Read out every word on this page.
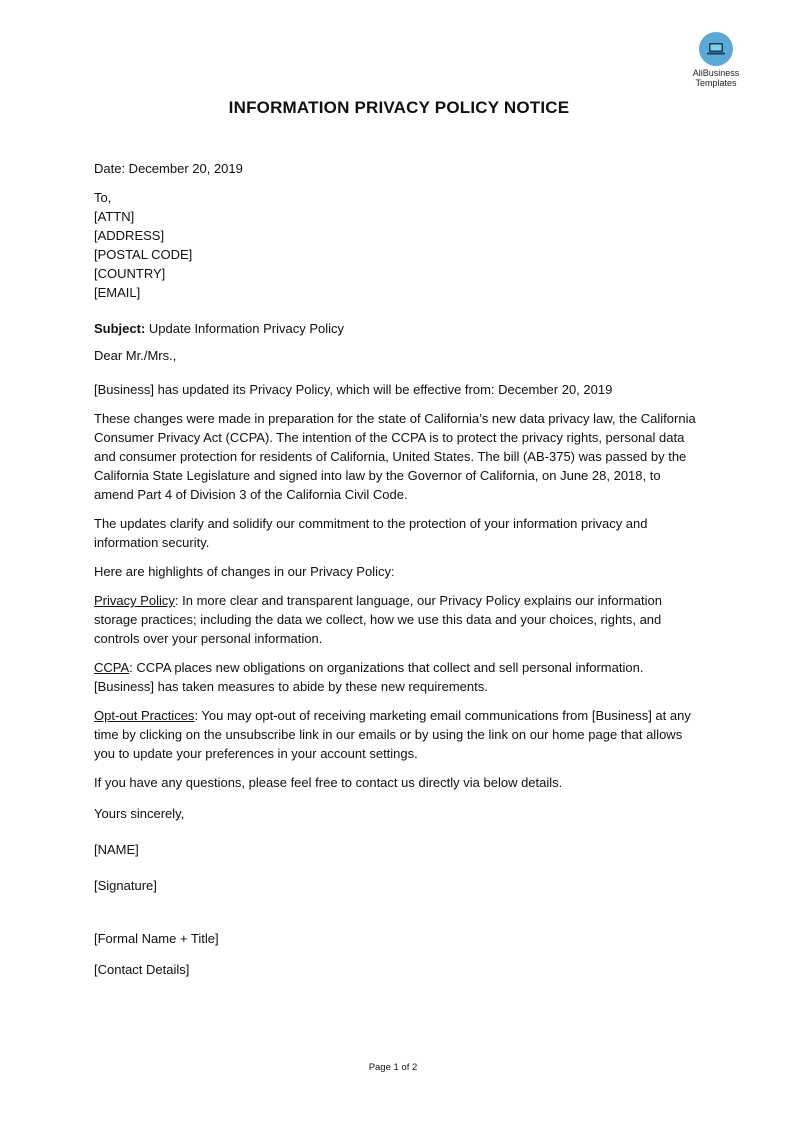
AliBusiness
Templates
INFORMATION PRIVACY POLICY NOTICE

Date: December 20, 2019

To,

[ATTN]

[ADDRESS]

[POSTAL CODE]

[COUNTRY]

[EMAIL]

Subject: Update Information Privacy Policy

Dear Mr./Mrs.,

[Business] has updated its Privacy Policy, which will be effective from: December 20, 2019

These changes were made in preparation for the state of California’s new data privacy law, the California Consumer Privacy Act (CCPA). The intention of the CCPA is to protect the privacy rights, personal data and consumer protection for residents of California, United States. The bill (AB-375) was passed by the California State Legislature and signed into law by the Governor of California, on June 28, 2018, to amend Part 4 of Division 3 of the California Civil Code.

The updates clarify and solidify our commitment to the protection of your information privacy and information security.

Here are highlights of changes in our Privacy Policy:

Privacy Policy: In more clear and transparent language, our Privacy Policy explains our information storage practices; including the data we collect, how we use this data and your choices, rights, and controls over your personal information.

CCPA: CCPA places new obligations on organizations that collect and sell personal information. [Business] has taken measures to abide by these new requirements.

Opt-out Practices: You may opt-out of receiving marketing email communications from [Business] at any time by clicking on the unsubscribe link in our emails or by using the link on our home page that allows you to update your preferences in your account settings.

If you have any questions, please feel free to contact us directly via below details.

Yours sincerely,

[NAME]

[Signature]

[Formal Name + Title]

[Contact Details]

Page 1 of 2
